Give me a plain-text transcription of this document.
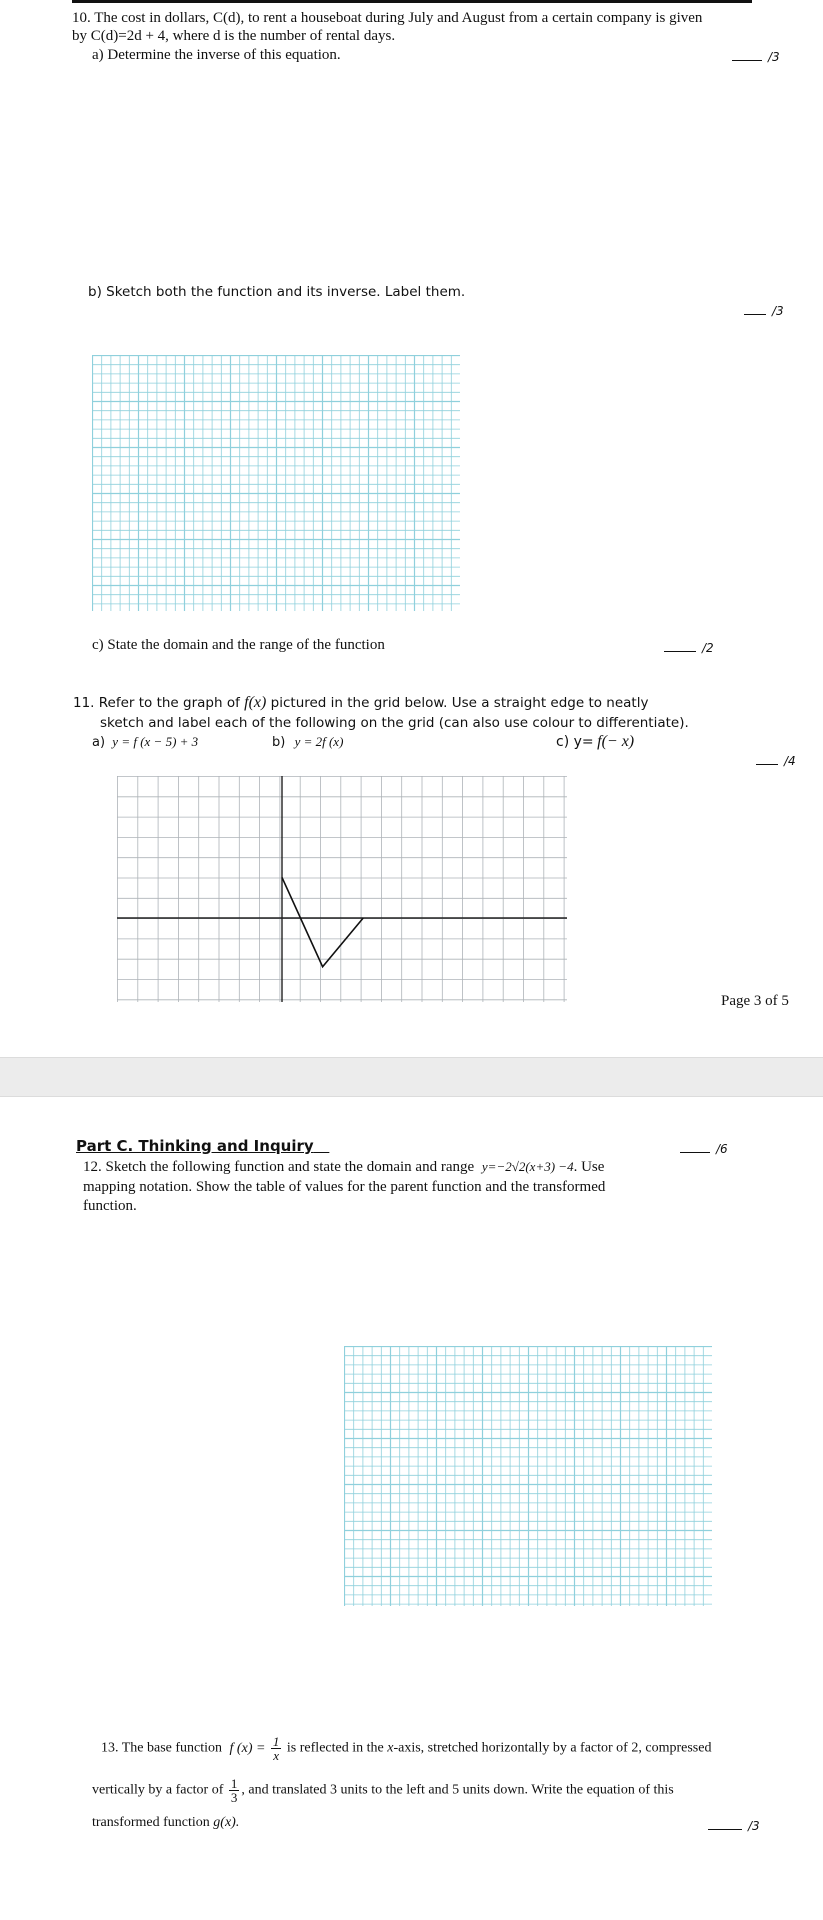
10. The cost in dollars, C(d), to rent a houseboat during July and August from a certain company is given
by C(d)=2d + 4, where d is the number of rental days.
a) Determine the inverse of this equation.	/3
b) Sketch both the function and its inverse. Label them.
/3
c) State the domain and the range of the function	/2
11. Refer to the graph of f(x) pictured in the grid below. Use a straight edge to neatly
sketch and label each of the following on the grid (can also use colour to differentiate).
a) y = f (x − 5) + 3	b) y = 2f (x)	c) y= f(− x)
/4
Page 3 of 5
Part C. Thinking and Inquiry	/6
12. Sketch the following function and state the domain and range y=−2√2(x+3) −4. Use
mapping notation. Show the table of values for the parent function and the transformed
function.
13. The base function f $(x) = \frac{1}{x}$ is reflected in the x-axis, stretched horizontally by a factor of 2, compressed
vertically by a factor of $\frac{1}{3}$ , and translated 3 units to the left and 5 units down. Write the equation of this
transformed function g(x).	/3
